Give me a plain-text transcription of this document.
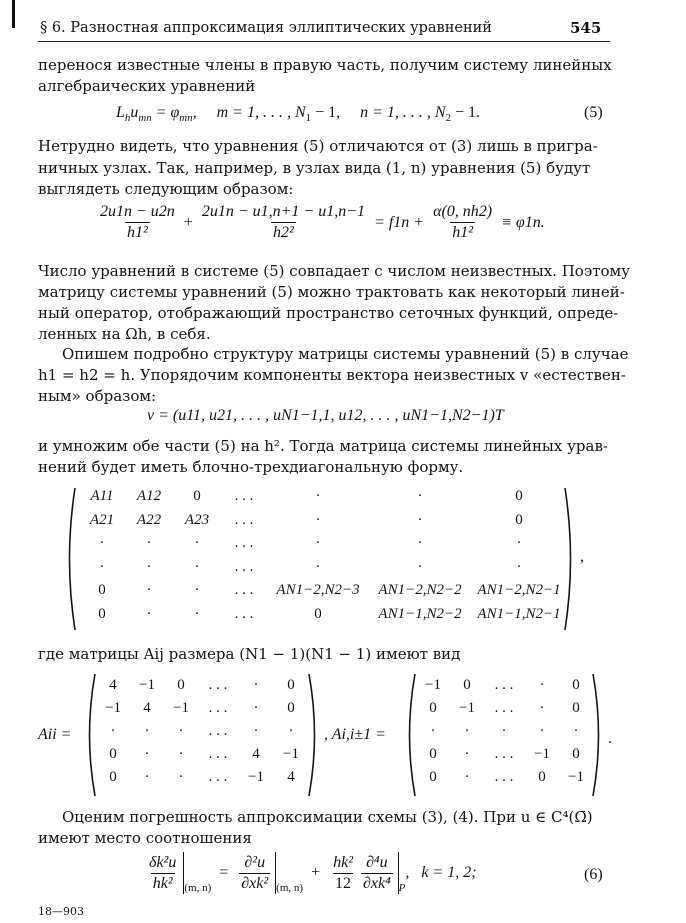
§ 6. Разностная аппроксимация эллиптических уравнений	545
перенося известные члены в правую часть, получим систему линейных
алгебраических уравнений
$L_hu_{mn} = \varphi_{mn}$,     m = 1, . . . , $N_1 - 1$, n = 1, . . . , $N_2 - 1$.	(5)
Нетрудно видеть, что уравнения (5) отличаются от (3) лишь в пригра-
ничных узлах. Так, например, в узлах вида (1, n) уравнения (5) будут
выглядеть следующим образом:
$\frac{2u1n - u2n}{\text{h1²}} + \frac{2u1n - u1,n+1 - u1,n-1}{\text{h2²}} = f1n + \frac{\alpha(0, nh2)}{\text{h1²}} \equiv \varphi 1n$.
Число уравнений в системе (5) совпадает с числом неизвестных. Поэтому
матрицу системы уравнений (5) можно трактовать как некоторый линей-
ный оператор, отображающий пространство сеточных функций, опреде-
ленных на Ωh, в себя.
Опишем подробно структуру матрицы системы уравнений (5) в случае
h1 = h2 = h. Упорядочим компоненты вектора неизвестных v «естествен-
ным» образом:
v = (u11, u21, . . . , uN1−1,1, u12, . . . , uN1−1,N2−1)T
и умножим обе части (5) на h². Тогда матрица системы линейных урав-
нений будет иметь блочно-трехдиагональную форму.
A11	A12	0	. . .	·	·	0
A21	A22	A23	. . .	·	·	0
·	·	·	. . .	·	·	·
·	·	·	. . .	·	·	·
0	·	·	. . .	AN1−2,N2−3	AN1−2,N2−2	AN1−2,N2−1
0	·	·	. . .	0	AN1−1,N2−2	AN1−1,N2−1
,
где матрицы Aij размера (N1 − 1)(N1 − 1) имеют вид
Aii =
4	−1	0	. . .	·	0
−1	4	−1	. . .	·	0
·	·	·	. . .	·	·
0	·	·	. . .	4	−1
0	·	·	. . .	−1	4
, Ai,i±1 =
−1	0	. . .	·	0
0	−1	. . .	·	0
·	·	·	·	·
0	·	. . .	−1	0
0	·	. . .	0	−1
.
Оценим погрешность аппроксимации схемы (3), (4). При u ∈ C⁴(Ω̄)
имеют место соотношения
$\frac{\text{δk²u}}{\text{hk²}} (m$, n)
= $\frac{\text{∂²u}}{\text{∂xk²}} (m$, n)
+ $\frac{\text{hk²}}{12} \frac{\text{∂⁴u}}{\text{∂xk⁴}}$ P
,   k = 1, 2;	(6)
18—903
